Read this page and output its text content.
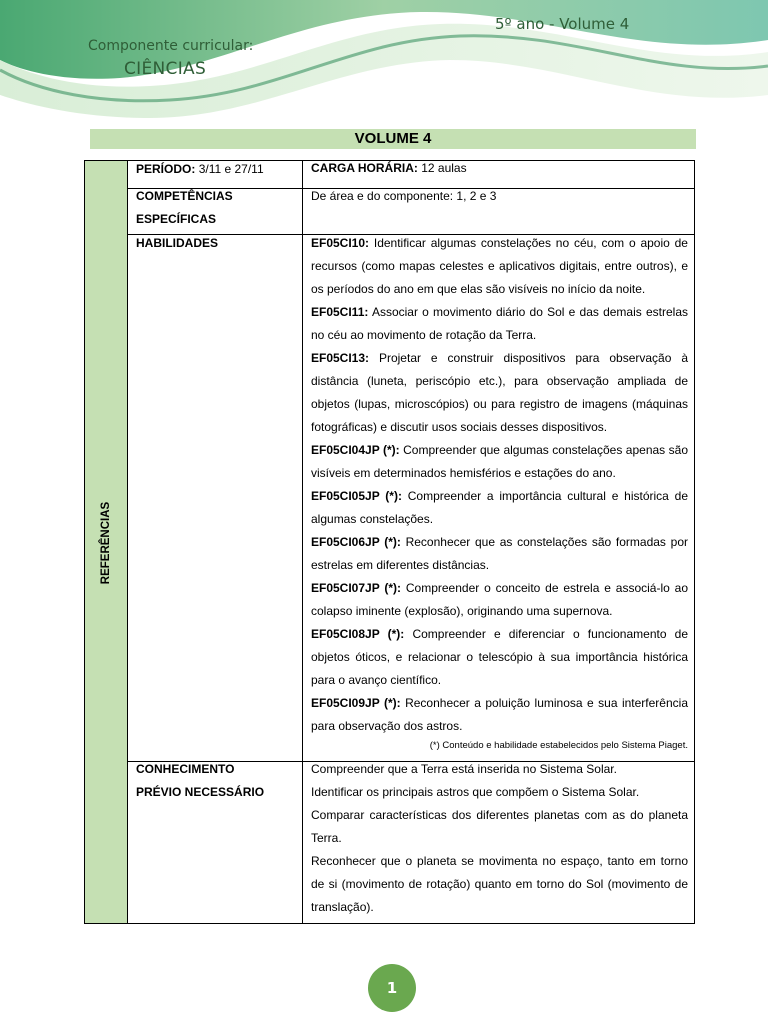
Componente curricular:
CIÊNCIAS
5º ano - Volume 4
VOLUME 4
REFERÊNCIAS
PERÍODO: 3/11 e 27/11	CARGA HORÁRIA: 12 aulas
COMPETÊNCIAS
ESPECÍFICAS
De área e do componente: 1, 2 e 3
HABILIDADES	EF05CI10: Identificar algumas constelações no céu, com o apoio de recursos (como mapas celestes e aplicativos digitais, entre outros), e os períodos do ano em que elas são visíveis no início da noite.

EF05CI11: Associar o movimento diário do Sol e das demais estrelas no céu ao movimento de rotação da Terra.

EF05CI13: Projetar e construir dispositivos para observação à distância (luneta, periscópio etc.), para observação ampliada de objetos (lupas, microscópios) ou para registro de imagens (máquinas fotográficas) e discutir usos sociais desses dispositivos.

EF05CI04JP (*): Compreender que algumas constelações apenas são visíveis em determinados hemisférios e estações do ano.

EF05CI05JP (*): Compreender a importância cultural e histórica de algumas constelações.

EF05CI06JP (*): Reconhecer que as constelações são formadas por estrelas em diferentes distâncias.

EF05CI07JP (*): Compreender o conceito de estrela e associá-lo ao colapso iminente (explosão), originando uma supernova.

EF05CI08JP (*): Compreender e diferenciar o funcionamento de objetos óticos, e relacionar o telescópio à sua importância histórica para o avanço científico.

EF05CI09JP (*): Reconhecer a poluição luminosa e sua interferência para observação dos astros.

(*) Conteúdo e habilidade estabelecidos pelo Sistema Piaget.

CONHECIMENTO
PRÉVIO NECESSÁRIO

Compreender que a Terra está inserida no Sistema Solar.

Identificar os principais astros que compõem o Sistema Solar.

Comparar características dos diferentes planetas com as do planeta Terra.

Reconhecer que o planeta se movimenta no espaço, tanto em torno de si (movimento de rotação) quanto em torno do Sol (movimento de translação).

1
